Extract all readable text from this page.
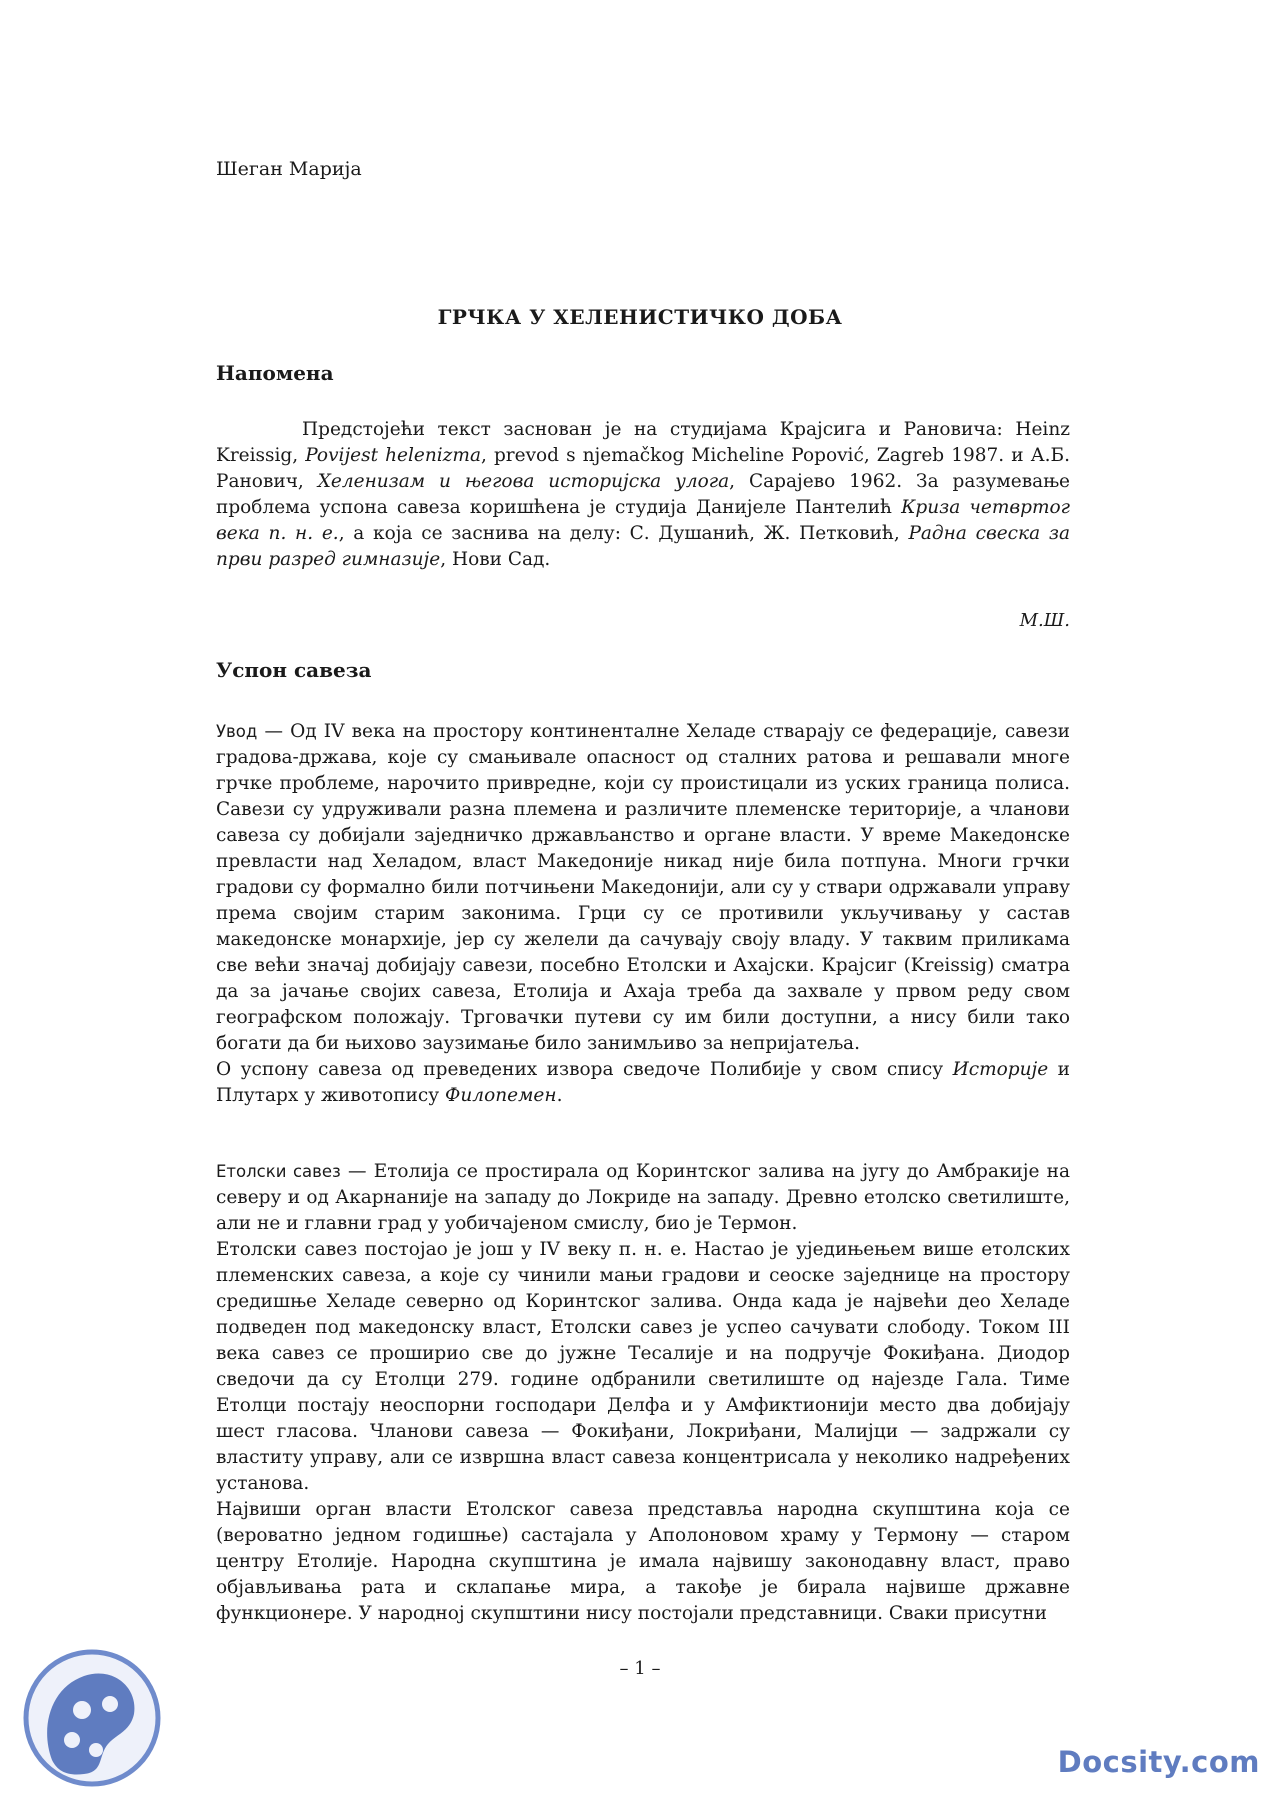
Шеган Марија
ГРЧКА У ХЕЛЕНИСТИЧКО ДОБА
Напомена

Предстојећи текст заснован је на студијама Крајсига и Рановича: Heinz Kreissig, Povijest helenizma, prevod s njemačkog Micheline Popović, Zagreb 1987. и А.Б. Ранович, Хеленизам и његова историјска улога, Сарајево 1962. За разумевање проблема успона савеза коришћена је студија Данијеле Пантелић Криза четвртог века п. н. е., а која се заснива на делу: С. Душанић, Ж. Петковић, Радна свеска за први разред гимназије, Нови Сад.

М.Ш.
Успон савеза

Увод — Од IV века на простору континенталне Хеладе стварају се федерације, савези градова-држава, које су смањивале опасност од сталних ратова и решавали многе грчке проблеме, нарочито привредне, који су проистицали из уских граница полиса. Савези су удруживали разна племена и различите племенске територије, а чланови савеза су добијали заједничко држављанство и органе власти. У време Македонске превласти над Хеладом, власт Македоније никад није била потпуна. Многи грчки градови су формално били потчињени Македонији, али су у ствари одржавали управу према својим старим законима. Грци су се противили укључивању у састав македонске монархије, јер су желели да сачувају своју владу. У таквим приликама све већи значај добијају савези, посебно Етолски и Ахајски. Крајсиг (Kreissig) сматра да за јачање својих савеза, Етолија и Ахаја треба да захвале у првом реду свом географском положају. Трговачки путеви су им били доступни, а нису били тако богати да би њихово заузимање било занимљиво за непријатеља.

О успону савеза од преведених извора сведоче Полибије у свом спису Историје и Плутарх у животопису Филопемен.

Етолски савез — Етолија се простирала од Коринтског залива на југу до Амбракије на северу и од Акарнаније на западу до Локриде на западу. Древно етолско светилиште, али не и главни град у уобичајеном смислу, био је Термон.

Етолски савез постојао је још у IV веку п. н. е. Настао је уједињењем више етолских племенских савеза, а које су чинили мањи градови и сеоске заједнице на простору средишње Хеладе северно од Коринтског залива. Онда када је највећи део Хеладе подведен под македонску власт, Етолски савез је успео сачувати слободу. Током III века савез се проширио све до јужне Тесалије и на подручје Фокиђана. Диодор сведочи да су Етолци 279. године одбранили светилиште од најезде Гала. Тиме Етолци постају неоспорни господари Делфа и у Амфиктионији место два добијају шест гласова. Чланови савеза — Фокиђани, Локриђани, Малијци — задржали су властиту управу, али се извршна власт савеза концентрисала у неколико надређених установа.

Највиши орган власти Етолског савеза представља народна скупштина која се (вероватно једном годишње) састајала у Аполоновом храму у Термону — старом центру Етолије. Народна скупштина је имала највишу законодавну власт, право објављивања рата и склапање мира, а такође је бирала највише државне функционере. У народној скупштини нису постојали представници. Сваки присутни

– 1 –
Docsity.com
